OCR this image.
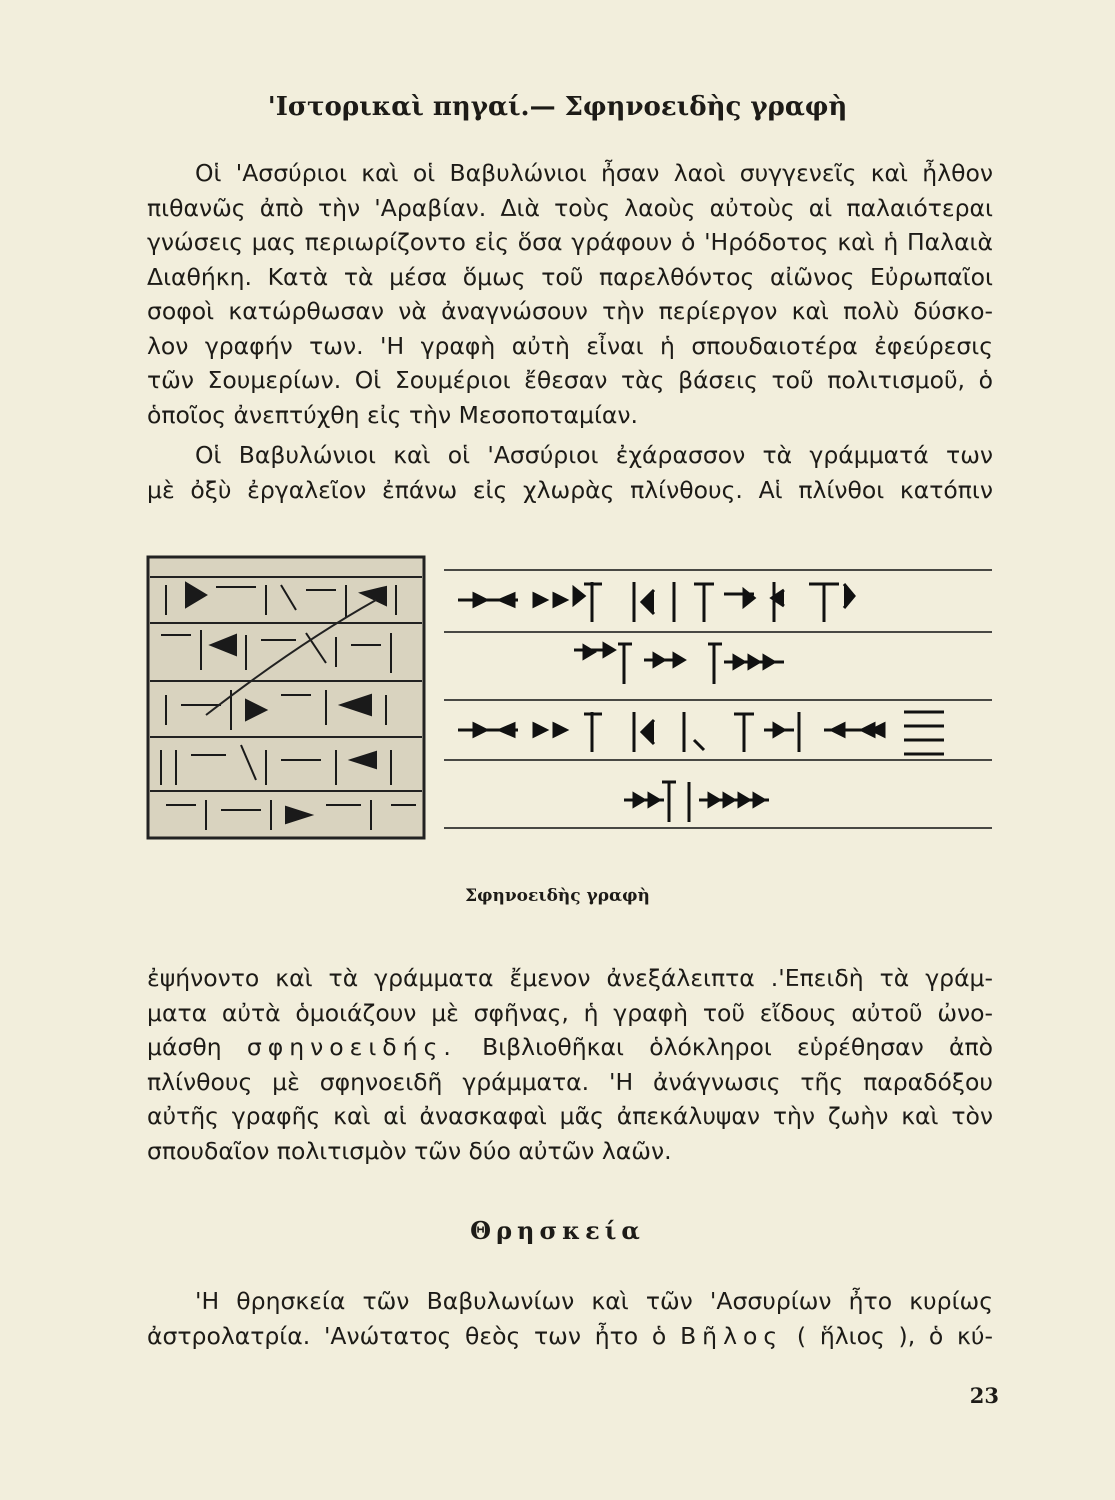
'Ιστορικαὶ πηγαί.— Σφηνοειδὴς γραφὴ
Οἱ 'Ασσύριοι καὶ οἱ Βαβυλώνιοι ἦσαν λαοὶ συγγενεῖς καὶ ἦλθον
πιθανῶς ἀπὸ τὴν 'Αραβίαν. Διὰ τοὺς λαοὺς αὐτοὺς αἱ παλαιότεραι
γνώσεις μας περιωρίζοντο εἰς ὅσα γράφουν ὁ 'Ηρόδοτος καὶ ἡ Παλαιὰ
Διαθήκη. Κατὰ τὰ μέσα ὅμως τοῦ παρελθόντος αἰῶνος Εὐρωπαῖοι
σοφοὶ κατώρθωσαν νὰ ἀναγνώσουν τὴν περίεργον καὶ πολὺ δύσκο-
λον γραφήν των. 'Η γραφὴ αὐτὴ εἶναι ἡ σπουδαιοτέρα ἐφεύρεσις
τῶν Σουμερίων. Οἱ Σουμέριοι ἔθεσαν τὰς βάσεις τοῦ πολιτισμοῦ, ὁ
ὁποῖος ἀνεπτύχθη εἰς τὴν Μεσοποταμίαν.
Οἱ Βαβυλώνιοι καὶ οἱ 'Ασσύριοι ἐχάρασσον τὰ γράμματά των
μὲ ὀξὺ ἐργαλεῖον ἐπάνω εἰς χλωρὰς πλίνθους. Αἱ πλίνθοι κατόπιν
Σφηνοειδὴς γραφὴ
ἐψήνοντο καὶ τὰ γράμματα ἔμενον ἀνεξάλειπτα .'Επειδὴ τὰ γράμ-
ματα αὐτὰ ὁμοιάζουν μὲ σφῆνας, ἡ γραφὴ τοῦ εἴδους αὐτοῦ ὠνο-
μάσθη σφηνοειδής. Βιβλιοθῆκαι ὁλόκληροι εὑρέθησαν ἀπὸ
πλίνθους μὲ σφηνοειδῆ γράμματα. 'Η ἀνάγνωσις τῆς παραδόξου
αὐτῆς γραφῆς καὶ αἱ ἀνασκαφαὶ μᾶς ἀπεκάλυψαν τὴν ζωὴν καὶ τὸν
σπουδαῖον πολιτισμὸν τῶν δύο αὐτῶν λαῶν.
Θρησκεία
'Η θρησκεία τῶν Βαβυλωνίων καὶ τῶν 'Ασσυρίων ἦτο κυρίως
ἀστρολατρία. 'Ανώτατος θεὸς των ἦτο ὁ Βῆλος ( ἥλιος ), ὁ κύ-
23
